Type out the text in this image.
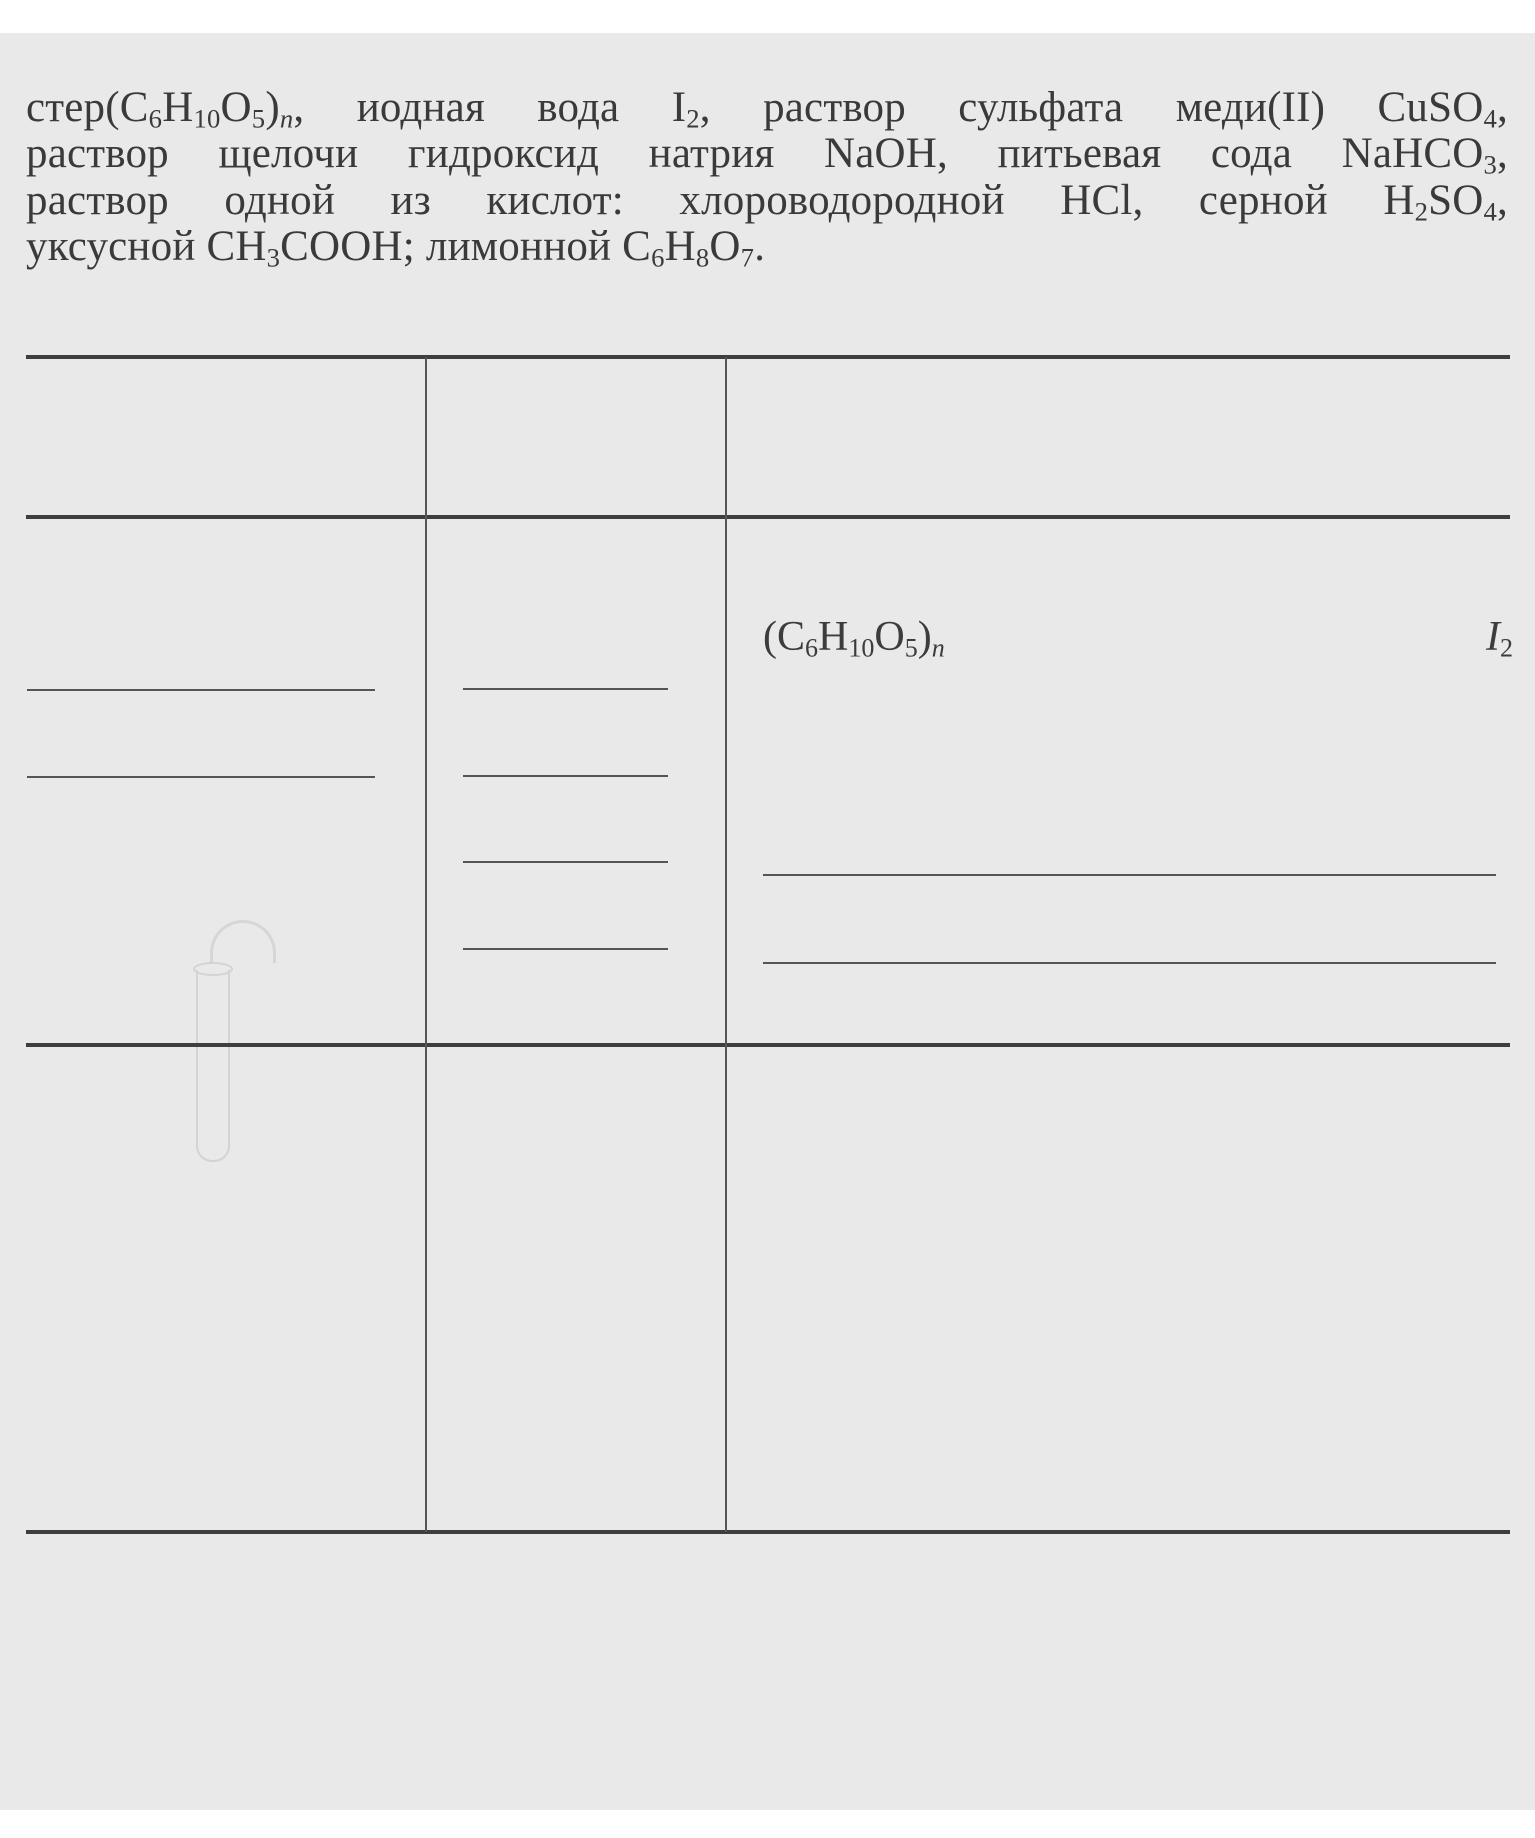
$стер(C_6H_{10}O_5)_n$, иодная вода $I_2$, раствор сульфата меди(II) CuSO$_4$,
раствор щелочи гидроксид натрия NaOH, питьевая сода NaHCO$_3$,
раствор одной из кислот: хлороводородной HCl, серной $H_2SO_4$,
уксусной $CH_3COOH$; лимонной $C_6H_8O_7$.
$(C_6H_{10}O_5)_n$	$I_2$
